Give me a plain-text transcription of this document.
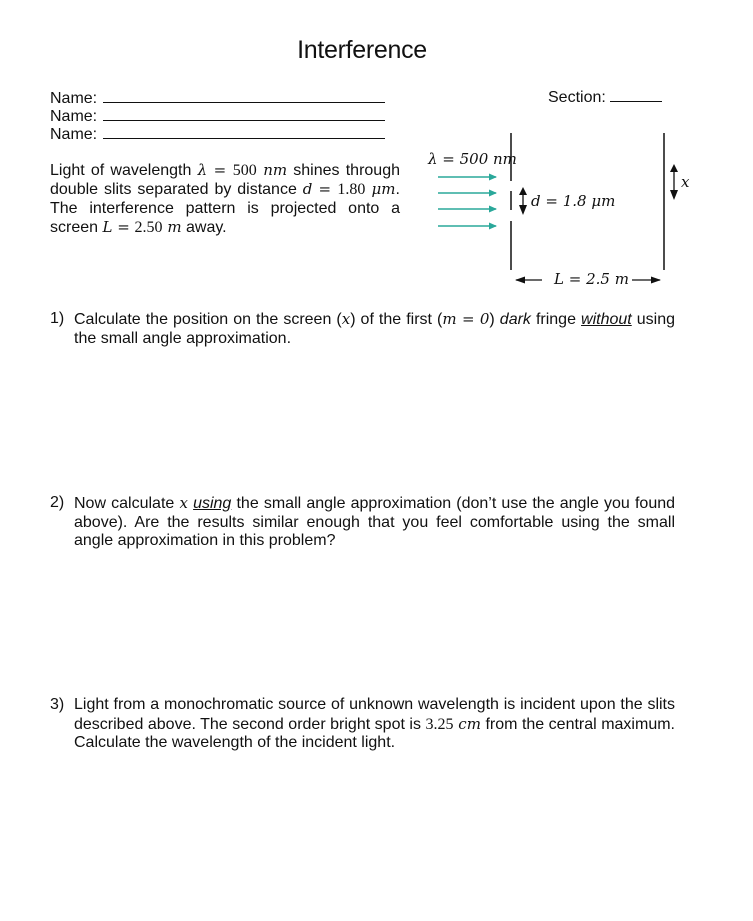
Interference
Name:
Name:
Name:
Section:
Light of wavelength λ = 500 nm shines through double slits separated by distance d = 1.80 μm. The interference pattern is projected onto a screen L = 2.50 m away.
λ = 500 nm
d = 1.8 μm
x
L = 2.5 m
1) Calculate the position on the screen (x) of the first (m = 0) dark fringe without using the small angle approximation.
2) Now calculate x using the small angle approximation (don’t use the angle you found above). Are the results similar enough that you feel comfortable using the small angle approximation in this problem?
3) Light from a monochromatic source of unknown wavelength is incident upon the slits described above. The second order bright spot is 3.25 cm from the central maximum. Calculate the wavelength of the incident light.
